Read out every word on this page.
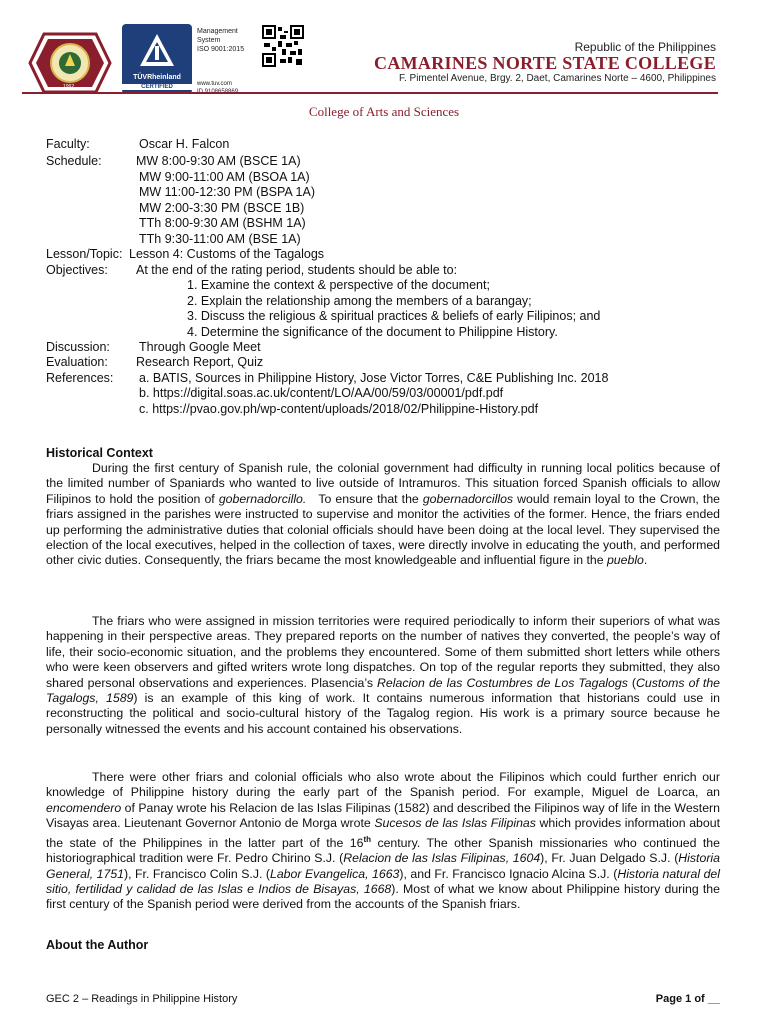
1992
TÜVRheinland
CERTIFIED
Management
System
ISO 9001:2015
www.tuv.com
Republic of the Philippines
CAMARINES NORTE STATE COLLEGE
F. Pimentel Avenue, Brgy. 2, Daet, Camarines Norte – 4600, Philippines
College of Arts and Sciences
Faculty:	Oscar H. Falcon
Schedule:	MW 8:00-9:30 AM (BSCE 1A)
MW 9:00-11:00 AM (BSOA 1A)
MW 11:00-12:30 PM (BSPA 1A)
MW 2:00-3:30 PM (BSCE 1B)
TTh 8:00-9:30 AM (BSHM 1A)
TTh 9:30-11:00 AM (BSE 1A)
Lesson/Topic: Lesson 4: Customs of the Tagalogs
Objectives: At the end of the rating period, students should be able to:
1. Examine the context & perspective of the document;
2. Explain the relationship among the members of a barangay;
3. Discuss the religious & spiritual practices & beliefs of early Filipinos; and
4. Determine the significance of the document to Philippine History.
Discussion: Through Google Meet
Evaluation: Research Report, Quiz
References: a. BATIS, Sources in Philippine History, Jose Victor Torres, C&E Publishing Inc. 2018
b. https://digital.soas.ac.uk/content/LO/AA/00/59/03/00001/pdf.pdf
c. https://pvao.gov.ph/wp-content/uploads/2018/02/Philippine-History.pdf
Historical Context
During the first century of Spanish rule, the colonial government had difficulty in running local politics because of the limited number of Spaniards who wanted to live outside of Intramuros. This situation forced Spanish officials to allow Filipinos to hold the position of gobernadorcillo.   To ensure that the gobernadorcillos would remain loyal to the Crown, the friars assigned in the parishes were instructed to supervise and monitor the activities of the former. Hence, the friars ended up performing the administrative duties that colonial officials should have been doing at the local level. They supervised the election of the local executives, helped in the collection of taxes, were directly involve in educating the youth, and performed other civic duties. Consequently, the friars became the most knowledgeable and influential figure in the pueblo.
The friars who were assigned in mission territories were required periodically to inform their superiors of what was happening in their perspective areas. They prepared reports on the number of natives they converted, the people’s way of life, their socio-economic situation, and the problems they encountered. Some of them submitted short letters while others who were keen observers and gifted writers wrote long dispatches. On top of the regular reports they submitted, they also shared personal observations and experiences. Plasencia’s Relacion de las Costumbres de Los Tagalogs (Customs of the Tagalogs, 1589) is an example of this king of work. It contains numerous information that historians could use in reconstructing the political and socio-cultural history of the Tagalog region. His work is a primary source because he personally witnessed the events and his account contained his observations.
There were other friars and colonial officials who also wrote about the Filipinos which could further enrich our knowledge of Philippine history during the early part of the Spanish period. For example, Miguel de Loarca, an encomendero of Panay wrote his Relacion de las Islas Filipinas (1582) and described the Filipinos way of life in the Western Visayas area. Lieutenant Governor Antonio de Morga wrote Sucesos de las Islas Filipinas which provides information about the state of the Philippines in the latter part of the 16th century. The other Spanish missionaries who continued the historiographical tradition were Fr. Pedro Chirino S.J. (Relacion de las Islas Filipinas, 1604), Fr. Juan Delgado S.J. (Historia General, 1751), Fr. Francisco Colin S.J. (Labor Evangelica, 1663), and Fr. Francisco Ignacio Alcina S.J. (Historia natural del sitio, fertilidad y calidad de las Islas e Indios de Bisayas, 1668). Most of what we know about Philippine history during the first century of the Spanish period were derived from the accounts of the Spanish friars.
About the Author
GEC 2 – Readings in Philippine History	Page 1 of __
